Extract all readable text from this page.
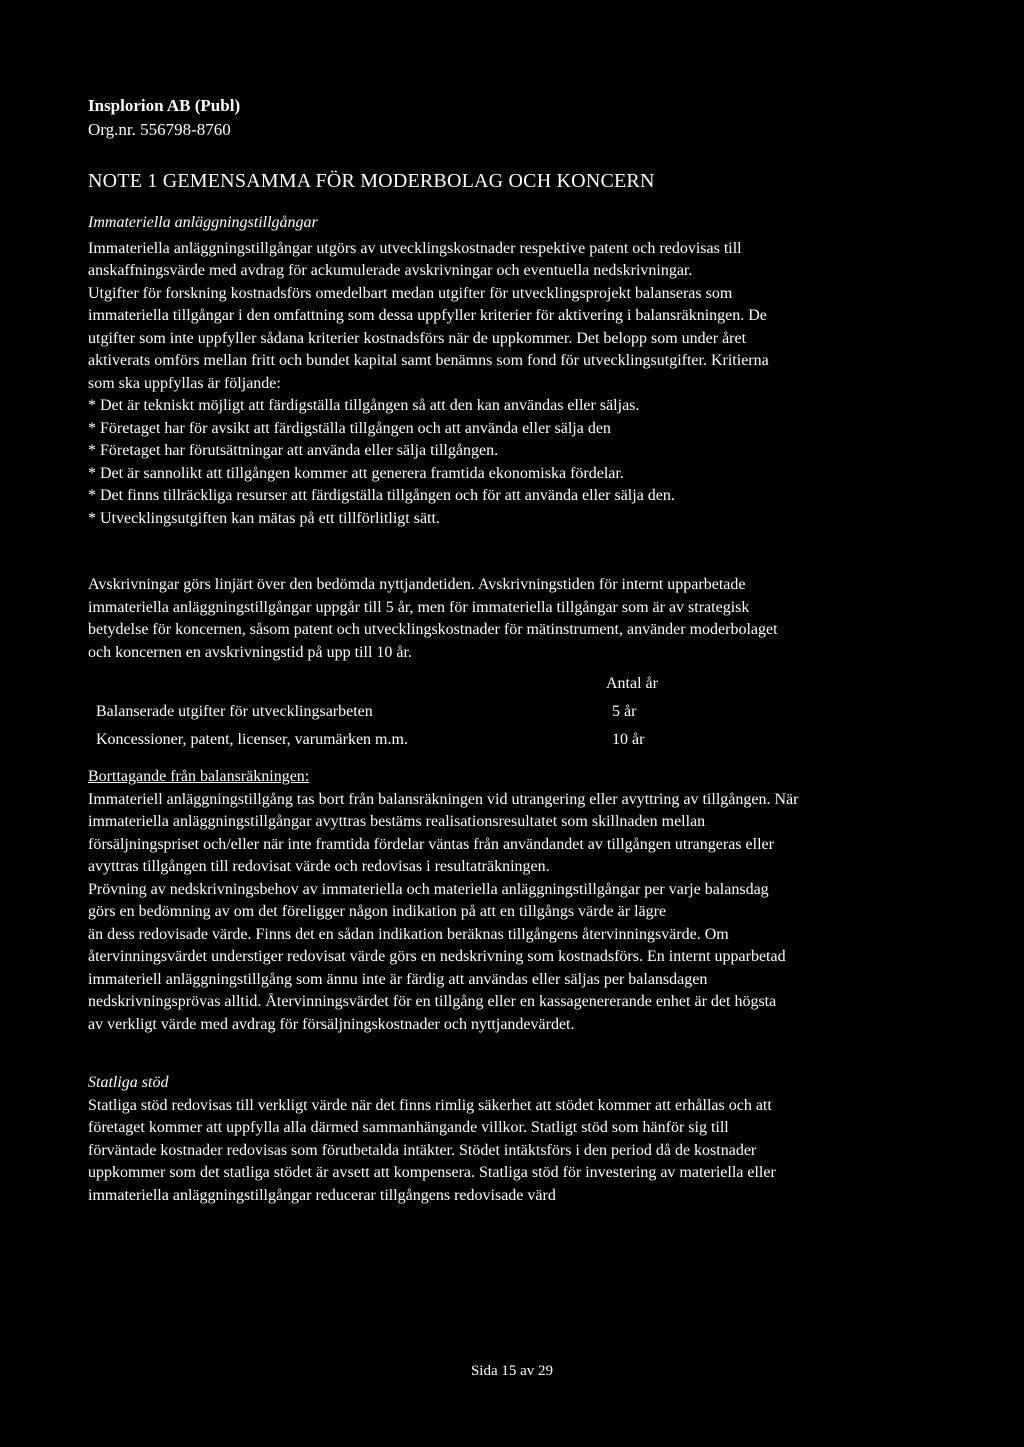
Insplorion AB (Publ)
Org.nr. 556798-8760
NOTE 1 GEMENSAMMA FÖR MODERBOLAG OCH KONCERN
Immateriella anläggningstillgångar
Immateriella anläggningstillgångar utgörs av utvecklingskostnader respektive patent och redovisas till
anskaffningsvärde med avdrag för ackumulerade avskrivningar och eventuella nedskrivningar.
Utgifter för forskning kostnadsförs omedelbart medan utgifter för utvecklingsprojekt balanseras som
immateriella tillgångar i den omfattning som dessa uppfyller kriterier för aktivering i balansräkningen. De
utgifter som inte uppfyller sådana kriterier kostnadsförs när de uppkommer. Det belopp som under året
aktiverats omförs mellan fritt och bundet kapital samt benämns som fond för utvecklingsutgifter. Kritierna
som ska uppfyllas är följande:
* Det är tekniskt möjligt att färdigställa tillgången så att den kan användas eller säljas.
* Företaget har för avsikt att färdigställa tillgången och att använda eller sälja den
* Företaget har förutsättningar att använda eller sälja tillgången.
* Det är sannolikt att tillgången kommer att generera framtida ekonomiska fördelar.
* Det finns tillräckliga resurser att färdigställa tillgången och för att använda eller sälja den.
* Utvecklingsutgiften kan mätas på ett tillförlitligt sätt.
Avskrivningar görs linjärt över den bedömda nyttjandetiden. Avskrivningstiden för internt upparbetade
immateriella anläggningstillgångar uppgår till 5 år, men för immateriella tillgångar som är av strategisk
betydelse för koncernen, såsom patent och utvecklingskostnader för mätinstrument, använder moderbolaget
och koncernen en avskrivningstid på upp till 10 år.
Antal år
Balanserade utgifter för utvecklingsarbeten	5 år
Koncessioner, patent, licenser, varumärken m.m.	10 år
Borttagande från balansräkningen:
Immateriell anläggningstillgång tas bort från balansräkningen vid utrangering eller avyttring av tillgången. När
immateriella anläggningstillgångar avyttras bestäms realisationsresultatet som skillnaden mellan
försäljningspriset och/eller när inte framtida fördelar väntas från användandet av tillgången utrangeras eller
avyttras tillgången till redovisat värde och redovisas i resultaträkningen.
Prövning av nedskrivningsbehov av immateriella och materiella anläggningstillgångar per varje balansdag
görs en bedömning av om det föreligger någon indikation på att en tillgångs värde är lägre
än dess redovisade värde. Finns det en sådan indikation beräknas tillgångens återvinningsvärde. Om
återvinningsvärdet understiger redovisat värde görs en nedskrivning som kostnadsförs. En internt upparbetad
immateriell anläggningstillgång som ännu inte är färdig att användas eller säljas per balansdagen
nedskrivningsprövas alltid. Återvinningsvärdet för en tillgång eller en kassagenererande enhet är det högsta
av verkligt värde med avdrag för försäljningskostnader och nyttjandevärdet.
Statliga stöd
Statliga stöd redovisas till verkligt värde när det finns rimlig säkerhet att stödet kommer att erhållas och att
företaget kommer att uppfylla alla därmed sammanhängande villkor. Statligt stöd som hänför sig till
förväntade kostnader redovisas som förutbetalda intäkter. Stödet intäktsförs i den period då de kostnader
uppkommer som det statliga stödet är avsett att kompensera. Statliga stöd för investering av materiella eller
immateriella anläggningstillgångar reducerar tillgångens redovisade värd
Sida 15 av 29
